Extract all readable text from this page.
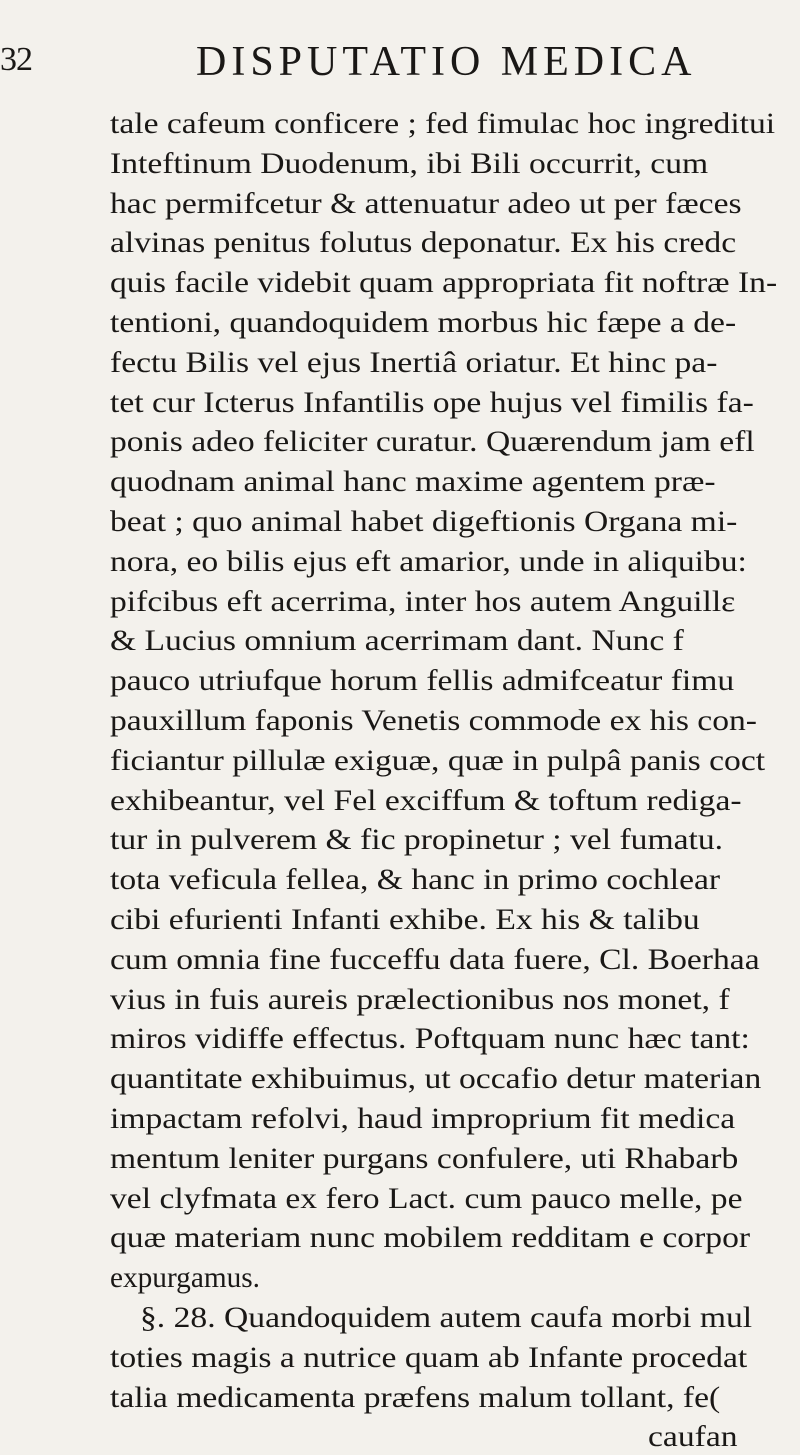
32	DISPUTATIO MEDICA
tale cafeum conficere ; fed fimulac hoc ingreditui
Inteftinum Duodenum, ibi Bili occurrit, cum
hac permifcetur & attenuatur adeo ut per fæces
alvinas penitus folutus deponatur. Ex his credc
quis facile videbit quam appropriata fit noftræ In-
tentioni, quandoquidem morbus hic fæpe a de-
fectu Bilis vel ejus Inertiâ oriatur. Et hinc pa-
tet cur Icterus Infantilis ope hujus vel fimilis fa-
ponis adeo feliciter curatur. Quærendum jam efl
quodnam animal hanc maxime agentem præ-
beat ; quo animal habet digeftionis Organa mi-
nora, eo bilis ejus eft amarior, unde in aliquibu:
pifcibus eft acerrima, inter hos autem Anguillε
& Lucius omnium acerrimam dant. Nunc f
pauco utriufque horum fellis admifceatur fimu
pauxillum faponis Venetis commode ex his con-
ficiantur pillulæ exiguæ, quæ in pulpâ panis coct
exhibeantur, vel Fel exciffum & toftum rediga-
tur in pulverem & fic propinetur ; vel fumatu.
tota veficula fellea, & hanc in primo cochlear
cibi efurienti Infanti exhibe. Ex his & talibu
cum omnia fine fucceffu data fuere, Cl. Boerhaa
vius in fuis aureis prælectionibus nos monet, f
miros vidiffe effectus. Poftquam nunc hæc tant:
quantitate exhibuimus, ut occafio detur materian
impactam refolvi, haud improprium fit medica
mentum leniter purgans confulere, uti Rhabarb
vel clyfmata ex fero Lact. cum pauco melle, pe
quæ materiam nunc mobilem redditam e corpor
expurgamus.
§. 28. Quandoquidem autem caufa morbi mul
toties magis a nutrice quam ab Infante procedat
talia medicamenta præfens malum tollant, fe(
caufan
